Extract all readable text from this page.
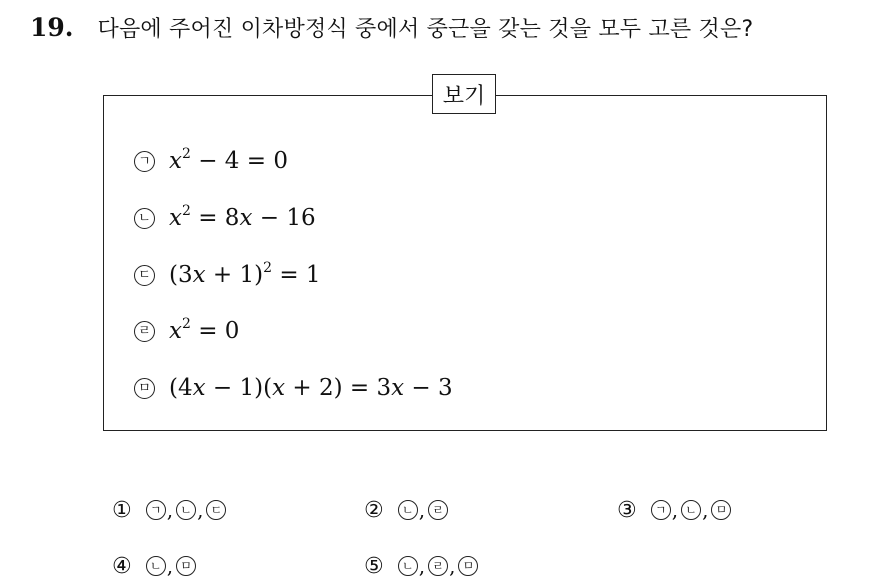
19. 다음에 주어진 이차방정식 중에서 중근을 갖는 것을 모두 고른 것은?
보기
ㄱ $x^2 - 4 = 0$
ㄴ $x^2 = 8x - 16$
ㄷ $(3x + 1)^2 = 1$
ㄹ $x^2 = 0$
ㅁ (4x − 1)(x + 2) = 3x − 3
①	ㄱ , ㄴ , ㄷ	②	ㄴ , ㄹ	③	ㄱ , ㄴ , ㅁ
④	ㄴ , ㅁ	⑤	ㄴ , ㄹ , ㅁ
